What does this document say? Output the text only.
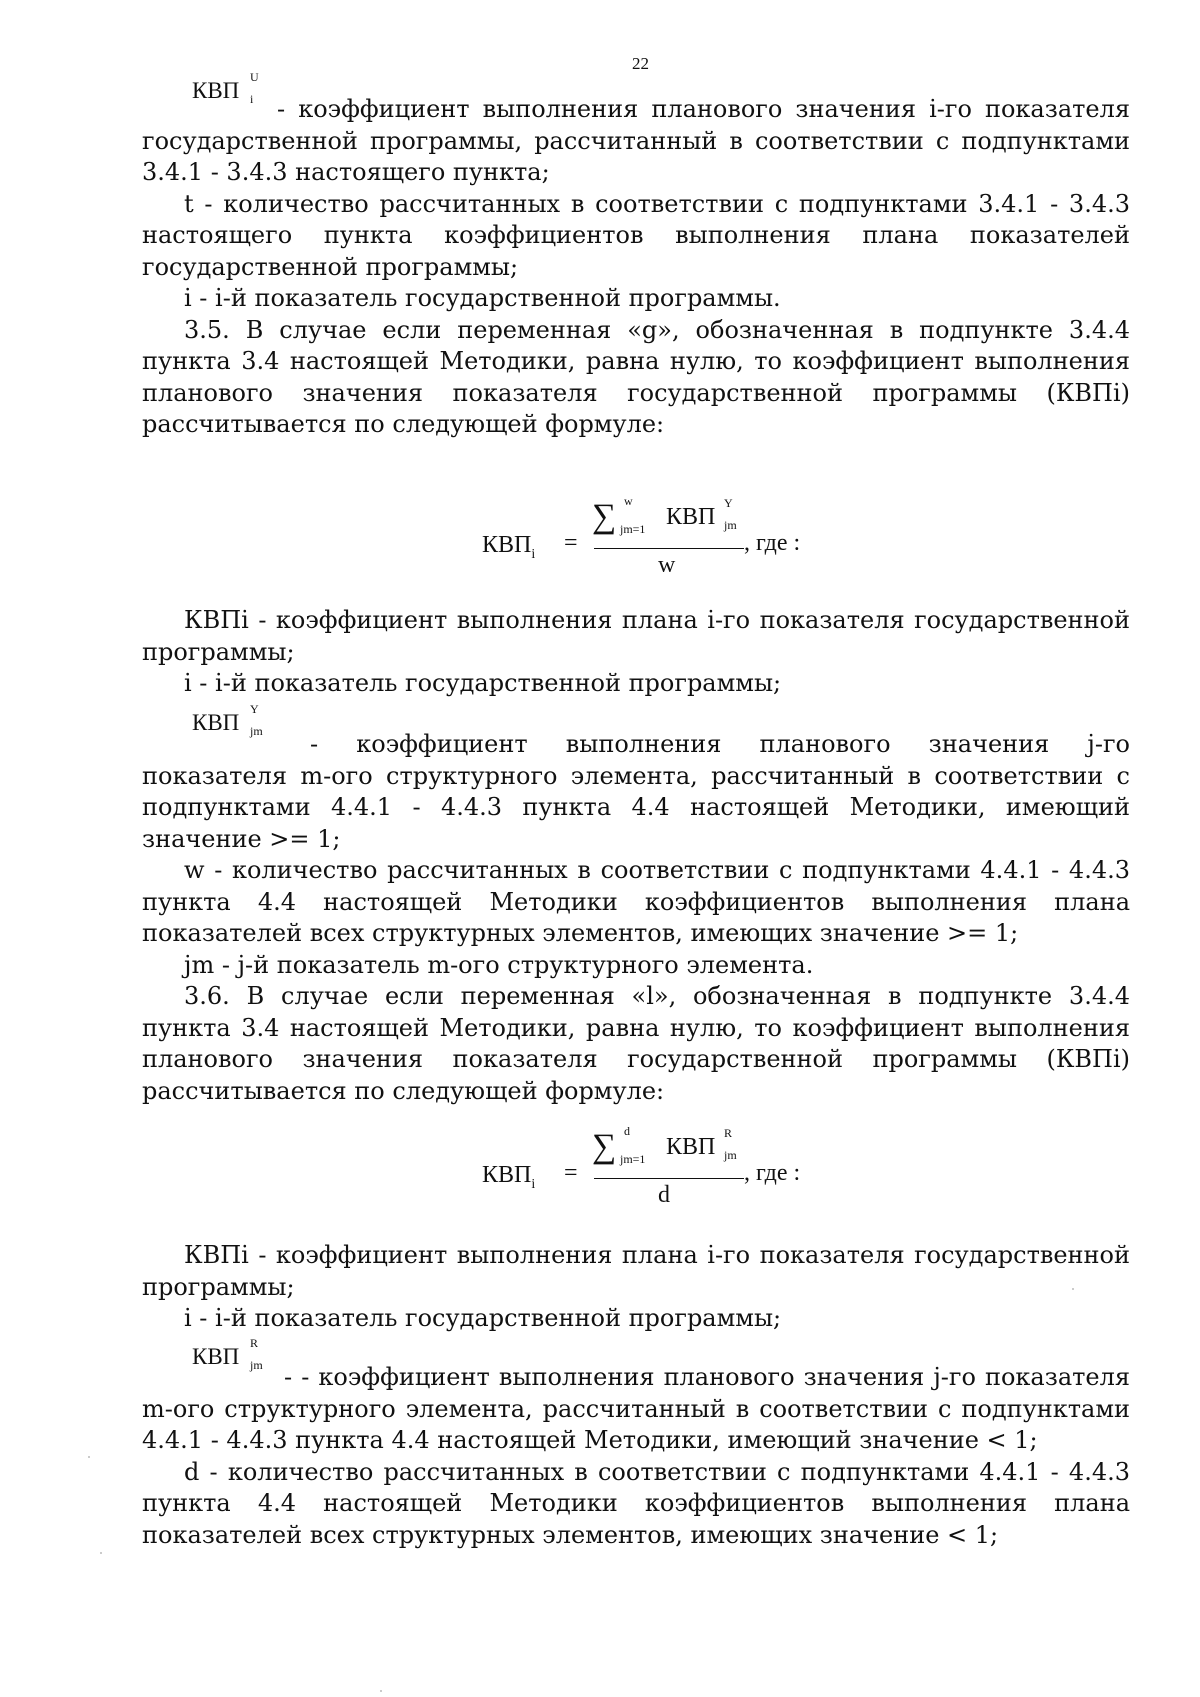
22
КВП
U
i - коэффициент выполнения планового значения i-го показателя государственной программы, рассчитанный в соответствии с подпунктами 3.4.1 - 3.4.3 настоящего пункта;

t - количество рассчитанных в соответствии с подпунктами 3.4.1 - 3.4.3 настоящего пункта коэффициентов выполнения плана показателей государственной программы;

i - i-й показатель государственной программы.

3.5. В случае если переменная «g», обозначенная в подпункте 3.4.4 пункта 3.4 настоящей Методики, равна нулю, то коэффициент выполнения планового значения показателя государственной программы (КВПi) рассчитывается по следующей формуле:

$КВП_i$ =
∑ w
jm=1 КВП
Y
jm
w
, где :

КВПi - коэффициент выполнения плана i-го показателя государственной программы;

i - i-й показатель государственной программы;

КВП
Y
jm	- коэффициент выполнения планового значения j-го показателя m-ого структурного элемента, рассчитанный в соответствии с подпунктами 4.4.1 - 4.4.3 пункта 4.4 настоящей Методики, имеющий значение >= 1;

w - количество рассчитанных в соответствии с подпунктами 4.4.1 - 4.4.3 пункта 4.4 настоящей Методики коэффициентов выполнения плана показателей всех структурных элементов, имеющих значение >= 1;

jm - j-й показатель m-ого структурного элемента.

3.6. В случае если переменная «l», обозначенная в подпункте 3.4.4 пункта 3.4 настоящей Методики, равна нулю, то коэффициент выполнения планового значения показателя государственной программы (КВПi) рассчитывается по следующей формуле:

$КВП_i$ =
∑ d
jm=1 КВП
R
jm
d
, где :

КВПi - коэффициент выполнения плана i-го показателя государственной программы;

i - i-й показатель государственной программы;

КВП
R
jm - - коэффициент выполнения планового значения j-го показателя m-ого структурного элемента, рассчитанный в соответствии с подпунктами 4.4.1 - 4.4.3 пункта 4.4 настоящей Методики, имеющий значение < 1;

d - количество рассчитанных в соответствии с подпунктами 4.4.1 - 4.4.3 пункта 4.4 настоящей Методики коэффициентов выполнения плана показателей всех структурных элементов, имеющих значение < 1;
